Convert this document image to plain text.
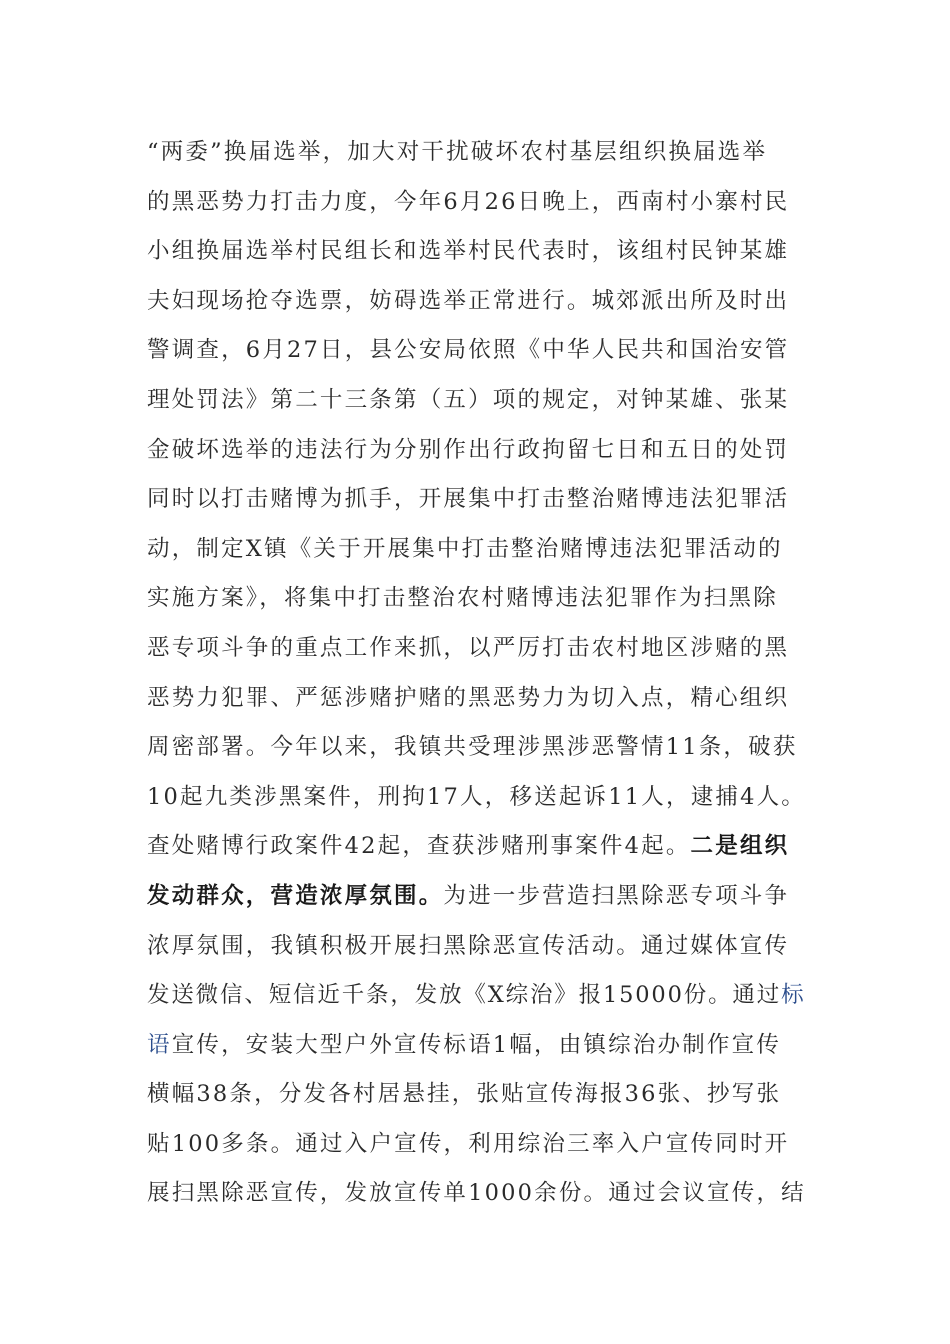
“两委”换届选举，加大对干扰破坏农村基层组织换届选举
的黑恶势力打击力度，今年6月26日晚上，西南村小寨村民
小组换届选举村民组长和选举村民代表时，该组村民钟某雄
夫妇现场抢夺选票，妨碍选举正常进行。城郊派出所及时出
警调查，6月27日，县公安局依照《中华人民共和国治安管
理处罚法》第二十三条第（五）项的规定，对钟某雄、张某
金破坏选举的违法行为分别作出行政拘留七日和五日的处罚
同时以打击赌博为抓手，开展集中打击整治赌博违法犯罪活
动，制定X镇《关于开展集中打击整治赌博违法犯罪活动的
实施方案》，将集中打击整治农村赌博违法犯罪作为扫黑除
恶专项斗争的重点工作来抓，以严厉打击农村地区涉赌的黑
恶势力犯罪、严惩涉赌护赌的黑恶势力为切入点，精心组织
周密部署。今年以来，我镇共受理涉黑涉恶警情11条，破获
10起九类涉黑案件，刑拘17人，移送起诉11人，逮捕4人。
查处赌博行政案件42起，查获涉赌刑事案件4起。二是组织
发动群众，营造浓厚氛围。为进一步营造扫黑除恶专项斗争
浓厚氛围，我镇积极开展扫黑除恶宣传活动。通过媒体宣传
发送微信、短信近千条，发放《X综治》报15000份。通过标
语宣传，安装大型户外宣传标语1幅，由镇综治办制作宣传
横幅38条，分发各村居悬挂，张贴宣传海报36张、抄写张
贴100多条。通过入户宣传，利用综治三率入户宣传同时开
展扫黑除恶宣传，发放宣传单1000余份。通过会议宣传，结
